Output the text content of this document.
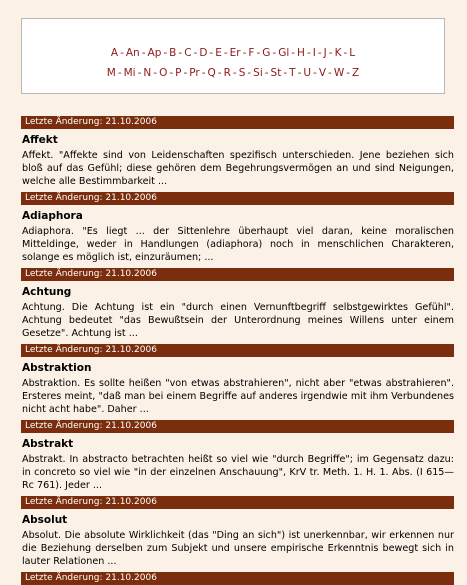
A - An - Ap - B - C - D - E - Er - F - G - Gl - H - I - J - K - L
M - Mi - N - O - P - Pr - Q - R - S - Si - St - T - U - V - W - Z
Letzte Änderung: 21.10.2006
Affekt
Affekt. "Affekte sind von Leidenschaften spezifisch unterschieden. Jene beziehen sich bloß auf das Gefühl; diese gehören dem Begehrungsvermögen an und sind Neigungen, welche alle Bestimmbarkeit ...
Letzte Änderung: 21.10.2006
Adiaphora
Adiaphora. "Es liegt ... der Sittenlehre überhaupt viel daran, keine moralischen Mitteldinge, weder in Handlungen (adiaphora) noch in menschlichen Charakteren, solange es möglich ist, einzuräumen; ...
Letzte Änderung: 21.10.2006
Achtung
Achtung. Die Achtung ist ein "durch einen Vernunftbegriff selbstgewirktes Gefühl". Achtung bedeutet "das Bewußtsein der Unterordnung meines Willens unter einem Gesetze". Achtung ist ...
Letzte Änderung: 21.10.2006
Abstraktion
Abstraktion. Es sollte heißen "von etwas abstrahieren", nicht aber "etwas abstrahieren". Ersteres meint, "daß man bei einem Begriffe auf anderes irgendwie mit ihm Verbundenes nicht acht habe". Daher ...
Letzte Änderung: 21.10.2006
Abstrakt
Abstrakt. In abstracto betrachten heißt so viel wie "durch Begriffe"; im Gegensatz dazu: in concreto so viel wie "in der einzelnen Anschauung", KrV tr. Meth. 1. H. 1. Abs. (I 615—Rc 761). Jeder ...
Letzte Änderung: 21.10.2006
Absolut
Absolut. Die absolute Wirklichkeit (das "Ding an sich") ist unerkennbar, wir erkennen nur die Beziehung derselben zum Subjekt und unsere empirische Erkenntnis bewegt sich in lauter Relationen ...
Letzte Änderung: 21.10.2006
